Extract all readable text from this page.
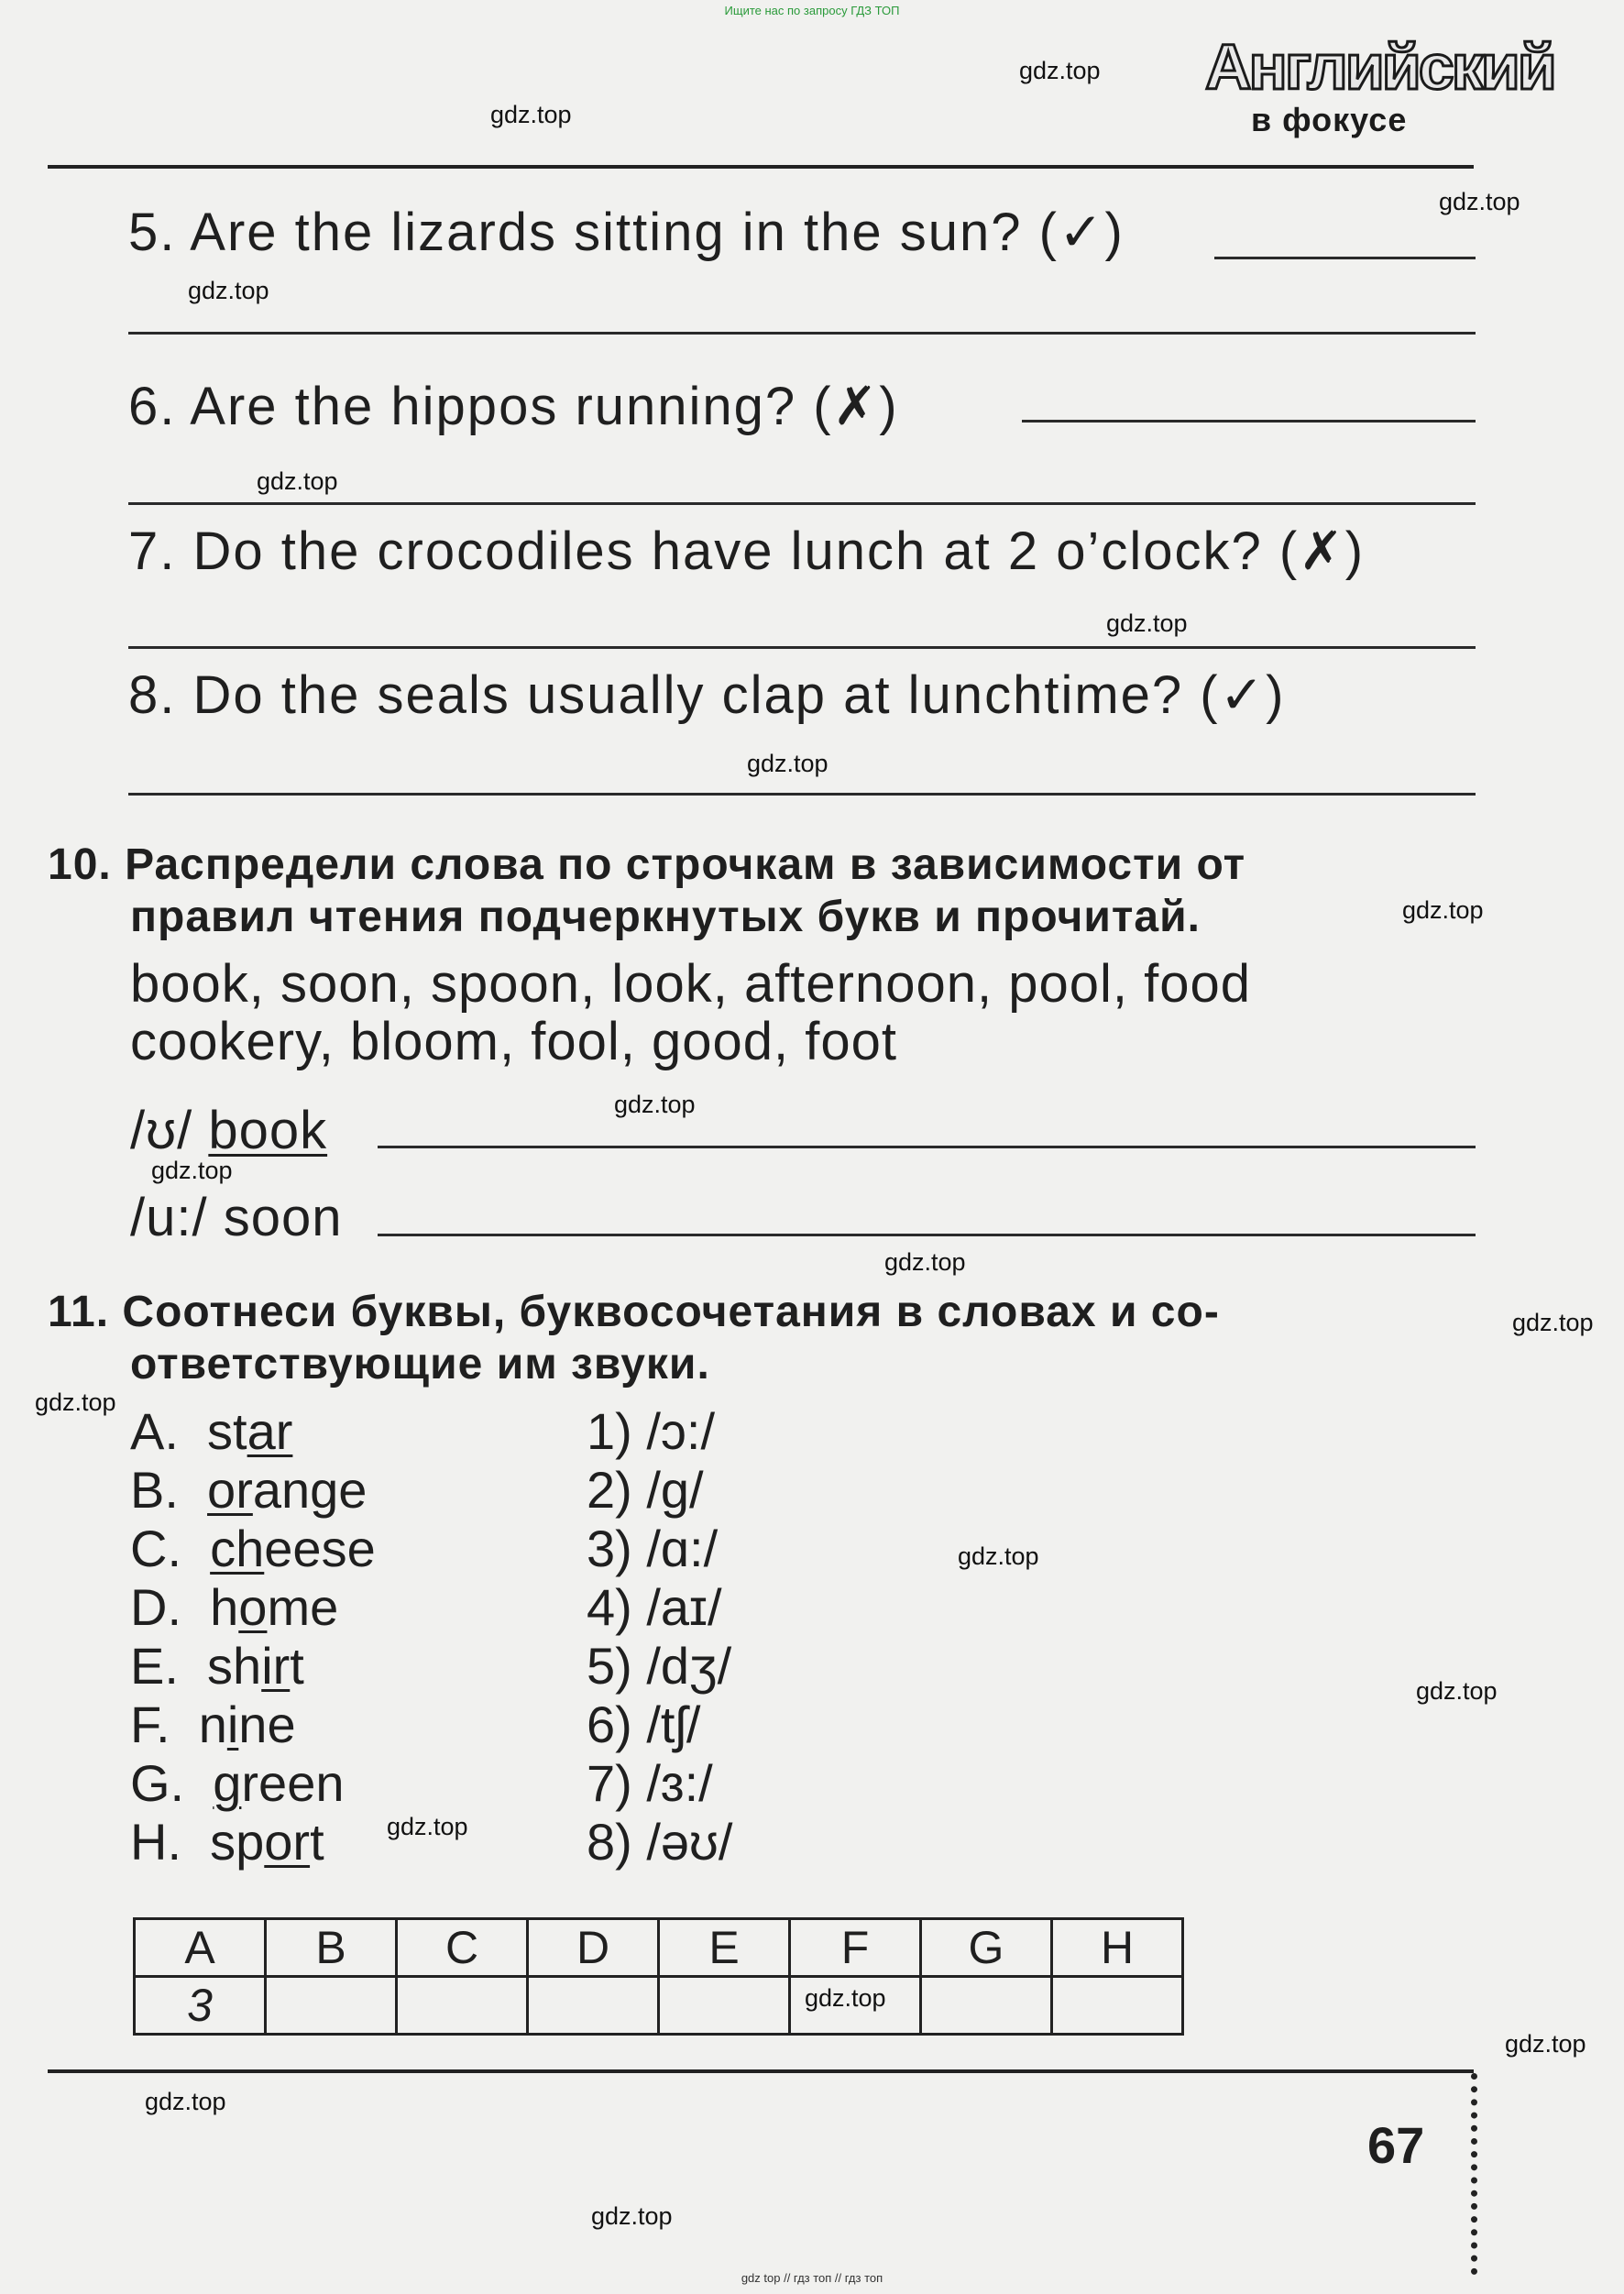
Ищите нас по запросу ГДЗ ТОП
gdz top // гдз топ // гдз топ
Английский
в фокусе
5. Are the lizards sitting in the sun? (✓)
6. Are the hippos running? (✗)
7. Do the crocodiles have lunch at 2 o’clock? (✗)
8. Do the seals usually clap at lunchtime? (✓)
10. Распредели слова по строчкам в зависимости от
правил чтения подчеркнутых букв и прочитай.
book, soon, spoon, look, afternoon, pool, food
cookery, bloom, fool, good, foot
/ʊ/ book
/u:/ soon
11. Соотнеси буквы, буквосочетания в словах и со-
ответствующие им звуки.
A. star
B. orange
C. cheese
D. home
E. shirt
F. nine
G. green
H. sport
1) /ɔ:/
2) /g/
3) /ɑ:/
4) /aɪ/
5) /dʒ/
6) /tʃ/
7) /ɜ:/
8) /əʊ/
A	B	C	D	E	F	G	H
3							
67
gdz.top
gdz.top
gdz.top
gdz.top
gdz.top
gdz.top
gdz.top
gdz.top
gdz.top
gdz.top
gdz.top
gdz.top
gdz.top
gdz.top
gdz.top
gdz.top
gdz.top
gdz.top
gdz.top
gdz.top
